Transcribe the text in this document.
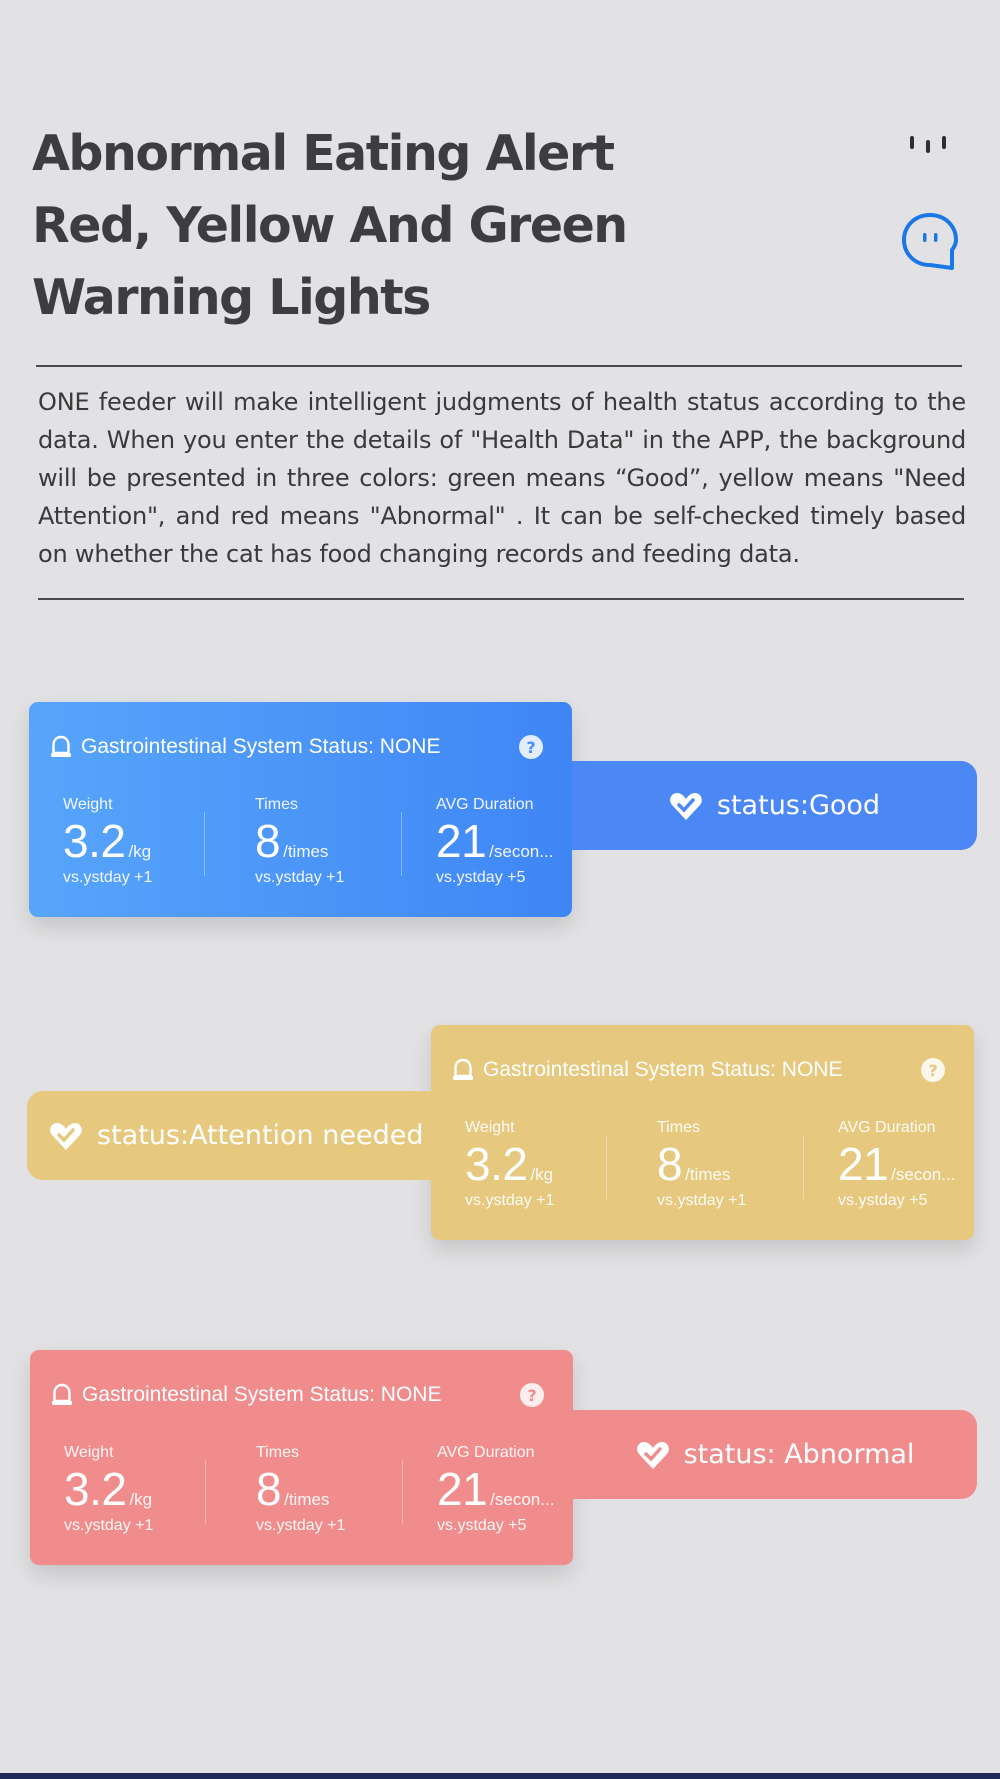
Abnormal Eating Alert
Red, Yellow And Green
Warning Lights
ONE feeder will make intelligent judgments of health status according to the data. When you enter the details of "Health Data" in the APP, the background will be presented in three colors: green means “Good”, yellow means "Need Attention", and red means "Abnormal" . It can be self-checked timely based on whether the cat has food changing records and feeding data.
Gastrointestinal System Status: NONE	?
Weight
3.2 /kg
vs.ystday +1
Times
8 /times
vs.ystday +1
AVG Duration
21 /secon...
vs.ystday +5
status:Good
Gastrointestinal System Status: NONE	?
Weight
3.2 /kg
vs.ystday +1
Times
8 /times
vs.ystday +1
AVG Duration
21 /secon...
vs.ystday +5
status:Attention needed
Gastrointestinal System Status: NONE	?
Weight
3.2 /kg
vs.ystday +1
Times
8 /times
vs.ystday +1
AVG Duration
21 /secon...
vs.ystday +5
status: Abnormal
